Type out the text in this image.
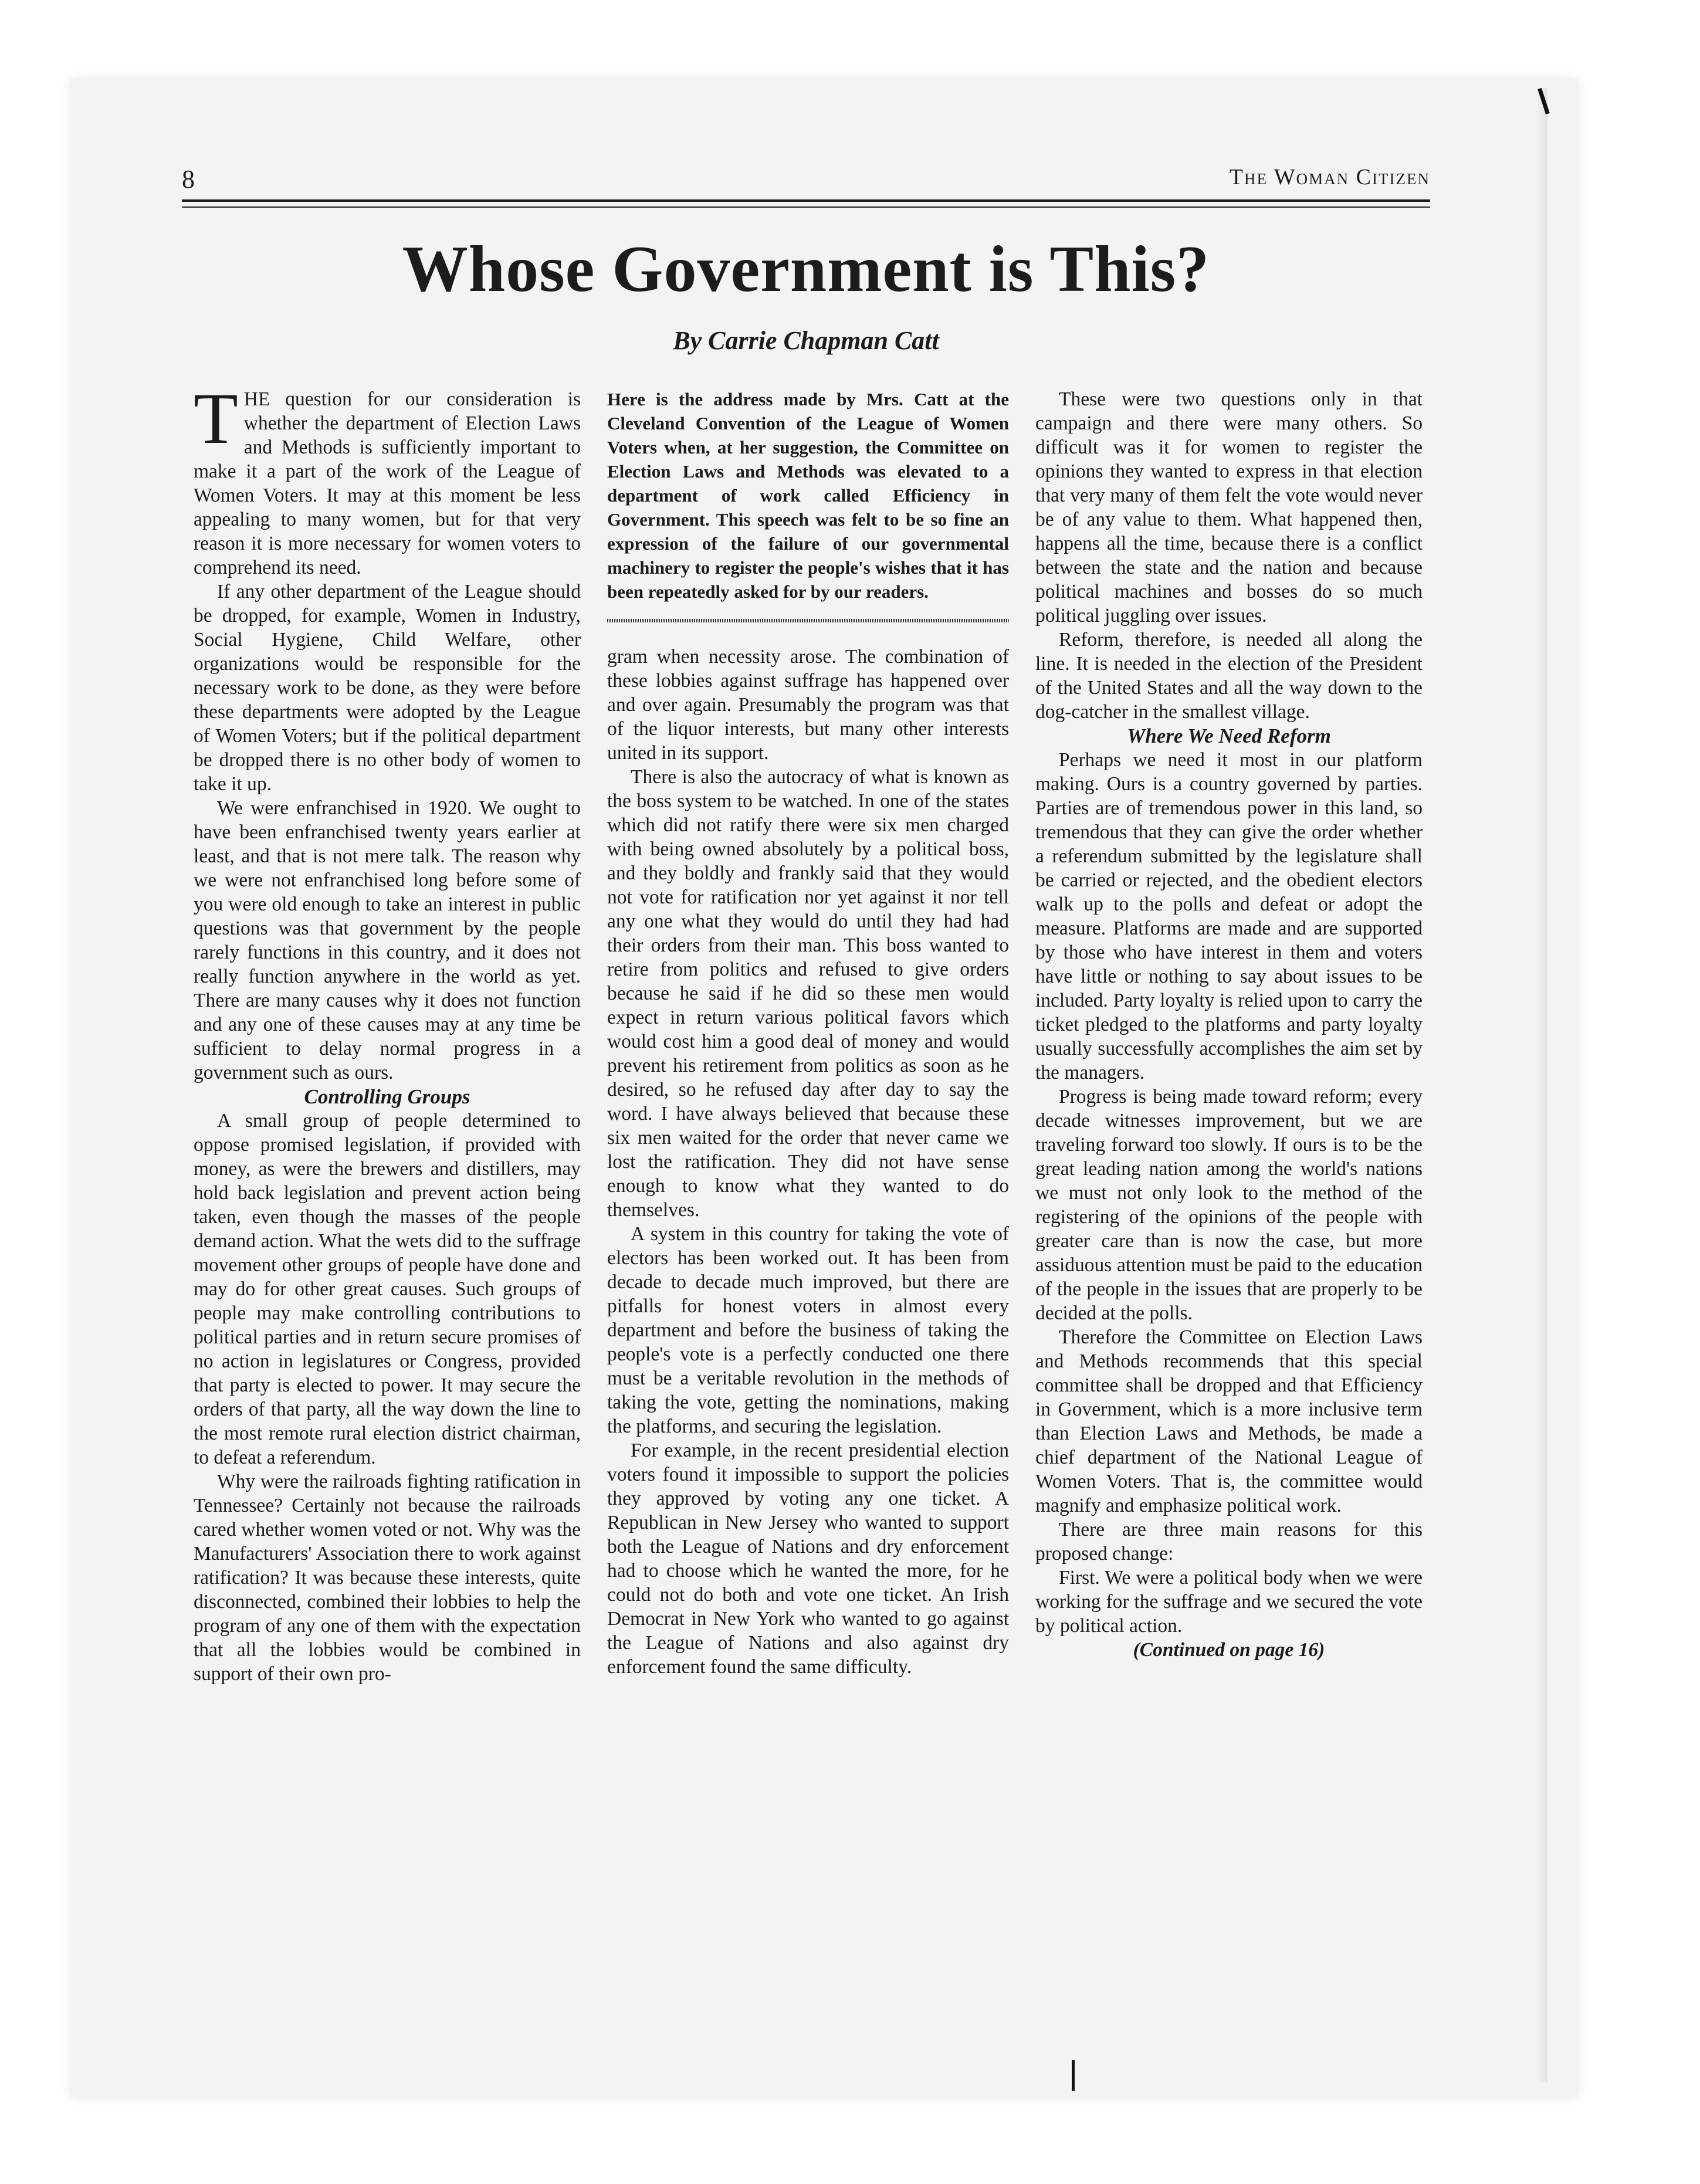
8	The Woman Citizen
Whose Government is This?
By Carrie Chapman Catt

THE question for our consideration is whether the department of Election Laws and Methods is sufficiently important to make it a part of the work of the League of Women Voters. It may at this moment be less appealing to many women, but for that very reason it is more necessary for women voters to comprehend its need.

If any other department of the League should be dropped, for example, Women in Industry, Social Hygiene, Child Welfare, other organizations would be responsible for the necessary work to be done, as they were before these departments were adopted by the League of Women Voters; but if the political department be dropped there is no other body of women to take it up.

We were enfranchised in 1920. We ought to have been enfranchised twenty years earlier at least, and that is not mere talk. The reason why we were not enfranchised long before some of you were old enough to take an interest in public questions was that government by the people rarely functions in this country, and it does not really function anywhere in the world as yet. There are many causes why it does not function and any one of these causes may at any time be sufficient to delay normal progress in a government such as ours.

Controlling Groups

A small group of people determined to oppose promised legislation, if provided with money, as were the brewers and distillers, may hold back legislation and prevent action being taken, even though the masses of the people demand action. What the wets did to the suffrage movement other groups of people have done and may do for other great causes. Such groups of people may make controlling contributions to political parties and in return secure promises of no action in legislatures or Congress, provided that party is elected to power. It may secure the orders of that party, all the way down the line to the most remote rural election district chairman, to defeat a referendum.

Why were the railroads fighting ratification in Tennessee? Certainly not because the railroads cared whether women voted or not. Why was the Manufacturers' Association there to work against ratification? It was because these interests, quite disconnected, combined their lobbies to help the program of any one of them with the expectation that all the lobbies would be combined in support of their own pro-

Here is the address made by Mrs. Catt at the Cleveland Convention of the League of Women Voters when, at her suggestion, the Committee on Election Laws and Methods was elevated to a department of work called Efficiency in Government. This speech was felt to be so fine an expression of the failure of our governmental machinery to register the people's wishes that it has been repeatedly asked for by our readers.

gram when necessity arose. The combination of these lobbies against suffrage has happened over and over again. Presumably the program was that of the liquor interests, but many other interests united in its support.

There is also the autocracy of what is known as the boss system to be watched. In one of the states which did not ratify there were six men charged with being owned absolutely by a political boss, and they boldly and frankly said that they would not vote for ratification nor yet against it nor tell any one what they would do until they had had their orders from their man. This boss wanted to retire from politics and refused to give orders because he said if he did so these men would expect in return various political favors which would cost him a good deal of money and would prevent his retirement from politics as soon as he desired, so he refused day after day to say the word. I have always believed that because these six men waited for the order that never came we lost the ratification. They did not have sense enough to know what they wanted to do themselves.

A system in this country for taking the vote of electors has been worked out. It has been from decade to decade much improved, but there are pitfalls for honest voters in almost every department and before the business of taking the people's vote is a perfectly conducted one there must be a veritable revolution in the methods of taking the vote, getting the nominations, making the platforms, and securing the legislation.

For example, in the recent presidential election voters found it impossible to support the policies they approved by voting any one ticket. A Republican in New Jersey who wanted to support both the League of Nations and dry enforcement had to choose which he wanted the more, for he could not do both and vote one ticket. An Irish Democrat in New York who wanted to go against the League of Nations and also against dry enforcement found the same difficulty.

These were two questions only in that campaign and there were many others. So difficult was it for women to register the opinions they wanted to express in that election that very many of them felt the vote would never be of any value to them. What happened then, happens all the time, because there is a conflict between the state and the nation and because political machines and bosses do so much political juggling over issues.

Reform, therefore, is needed all along the line. It is needed in the election of the President of the United States and all the way down to the dog-catcher in the smallest village.

Where We Need Reform

Perhaps we need it most in our platform making. Ours is a country governed by parties. Parties are of tremendous power in this land, so tremendous that they can give the order whether a referendum submitted by the legislature shall be carried or rejected, and the obedient electors walk up to the polls and defeat or adopt the measure. Platforms are made and are supported by those who have interest in them and voters have little or nothing to say about issues to be included. Party loyalty is relied upon to carry the ticket pledged to the platforms and party loyalty usually successfully accomplishes the aim set by the managers.

Progress is being made toward reform; every decade witnesses improvement, but we are traveling forward too slowly. If ours is to be the great leading nation among the world's nations we must not only look to the method of the registering of the opinions of the people with greater care than is now the case, but more assiduous attention must be paid to the education of the people in the issues that are properly to be decided at the polls.

Therefore the Committee on Election Laws and Methods recommends that this special committee shall be dropped and that Efficiency in Government, which is a more inclusive term than Election Laws and Methods, be made a chief department of the National League of Women Voters. That is, the committee would magnify and emphasize political work.

There are three main reasons for this proposed change:

First. We were a political body when we were working for the suffrage and we secured the vote by political action.

(Continued on page 16)
